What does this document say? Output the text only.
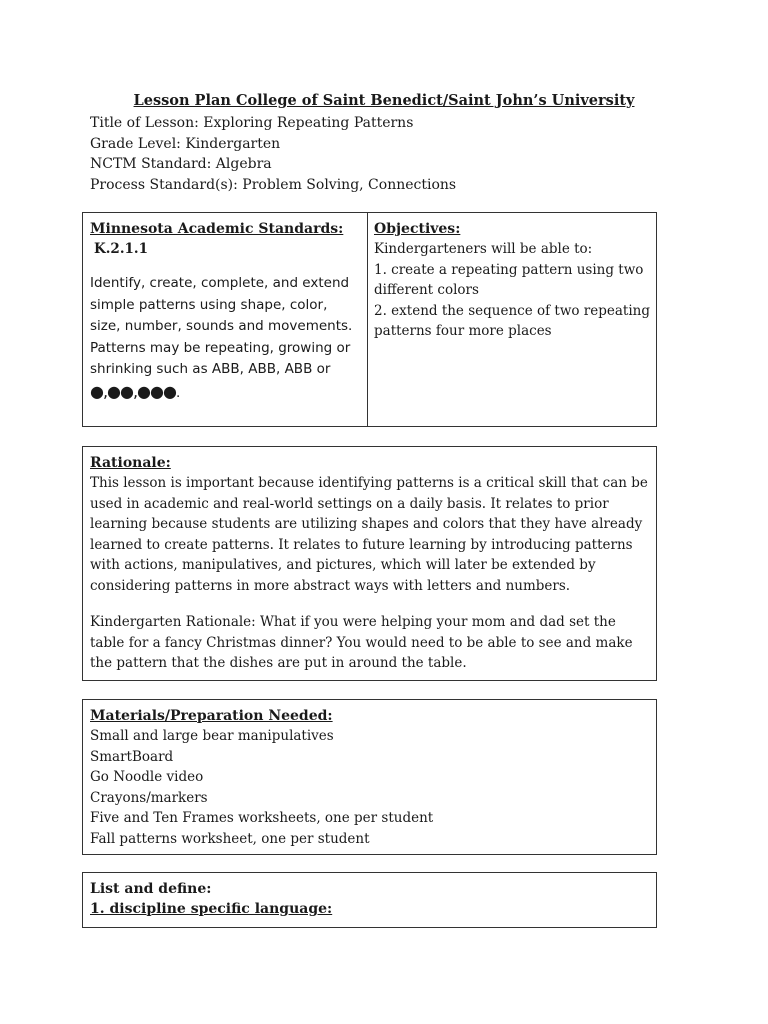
Lesson Plan College of Saint Benedict/Saint John’s University
Title of Lesson: Exploring Repeating Patterns
Grade Level: Kindergarten
NCTM Standard: Algebra
Process Standard(s): Problem Solving, Connections
Minnesota Academic Standards:
K.2.1.1
Identify, create, complete, and extend simple patterns using shape, color, size, number, sounds and movements. Patterns may be repeating, growing or shrinking such as ABB, ABB, ABB or
●,●●,●●●.
Objectives:
Kindergarteners will be able to:
1. create a repeating pattern using two different colors
2. extend the sequence of two repeating patterns four more places
Rationale:
This lesson is important because identifying patterns is a critical skill that can be used in academic and real-world settings on a daily basis. It relates to prior learning because students are utilizing shapes and colors that they have already learned to create patterns. It relates to future learning by introducing patterns with actions, manipulatives, and pictures, which will later be extended by considering patterns in more abstract ways with letters and numbers.
Kindergarten Rationale: What if you were helping your mom and dad set the table for a fancy Christmas dinner? You would need to be able to see and make the pattern that the dishes are put in around the table.
Materials/Preparation Needed:
Small and large bear manipulatives
SmartBoard
Go Noodle video
Crayons/markers
Five and Ten Frames worksheets, one per student
Fall patterns worksheet, one per student
List and define:
1. discipline specific language:
